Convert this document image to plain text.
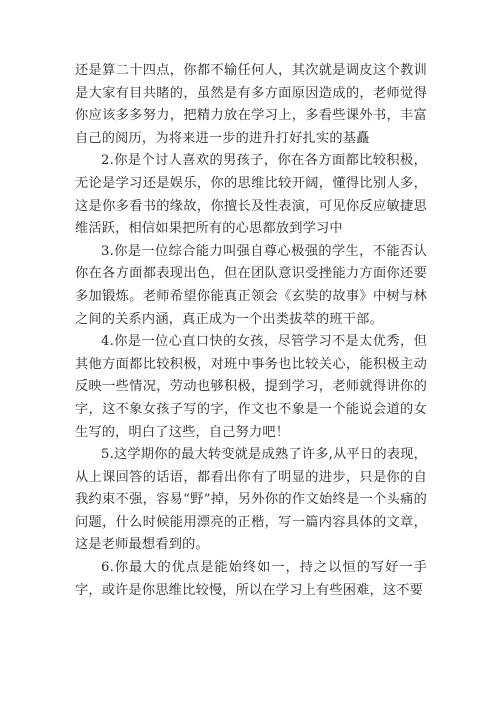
还是算二十四点，你都不输任何人，其次就是调皮这个教训是大家有目共睹的，虽然是有多方面原因造成的，老师觉得你应该多多努力，把精力放在学习上，多看些课外书，丰富自己的阅历，为将来进一步的进升打好扎实的基矗

2.你是个讨人喜欢的男孩子，你在各方面都比较积极，无论是学习还是娱乐，你的思维比较开阔，懂得比别人多，这是你多看书的缘故，你擅长及性表演，可见你反应敏捷思维活跃，相信如果把所有的心思都放到学习中

3.你是一位综合能力叫强自尊心极强的学生，不能否认你在各方面都表现出色，但在团队意识受挫能力方面你还要多加锻炼。老师希望你能真正领会《玄奘的故事》中树与林之间的关系内涵，真正成为一个出类拔萃的班干部。

4.你是一位心直口快的女孩，尽管学习不是太优秀，但其他方面都比较积极，对班中事务也比较关心，能积极主动反映一些情况，劳动也够积极，提到学习，老师就得讲你的字，这不象女孩子写的字，作文也不象是一个能说会道的女生写的，明白了这些，自己努力吧！

5.这学期你的最大转变就是成熟了许多,从平日的表现，从上课回答的话语，都看出你有了明显的进步，只是你的自我约束不强，容易“野”掉，另外你的作文始终是一个头痛的问题，什么时候能用漂亮的正楷，写一篇内容具体的文章，这是老师最想看到的。

6.你最大的优点是能始终如一，持之以恒的写好一手字，或许是你思维比较慢，所以在学习上有些困难，这不要
